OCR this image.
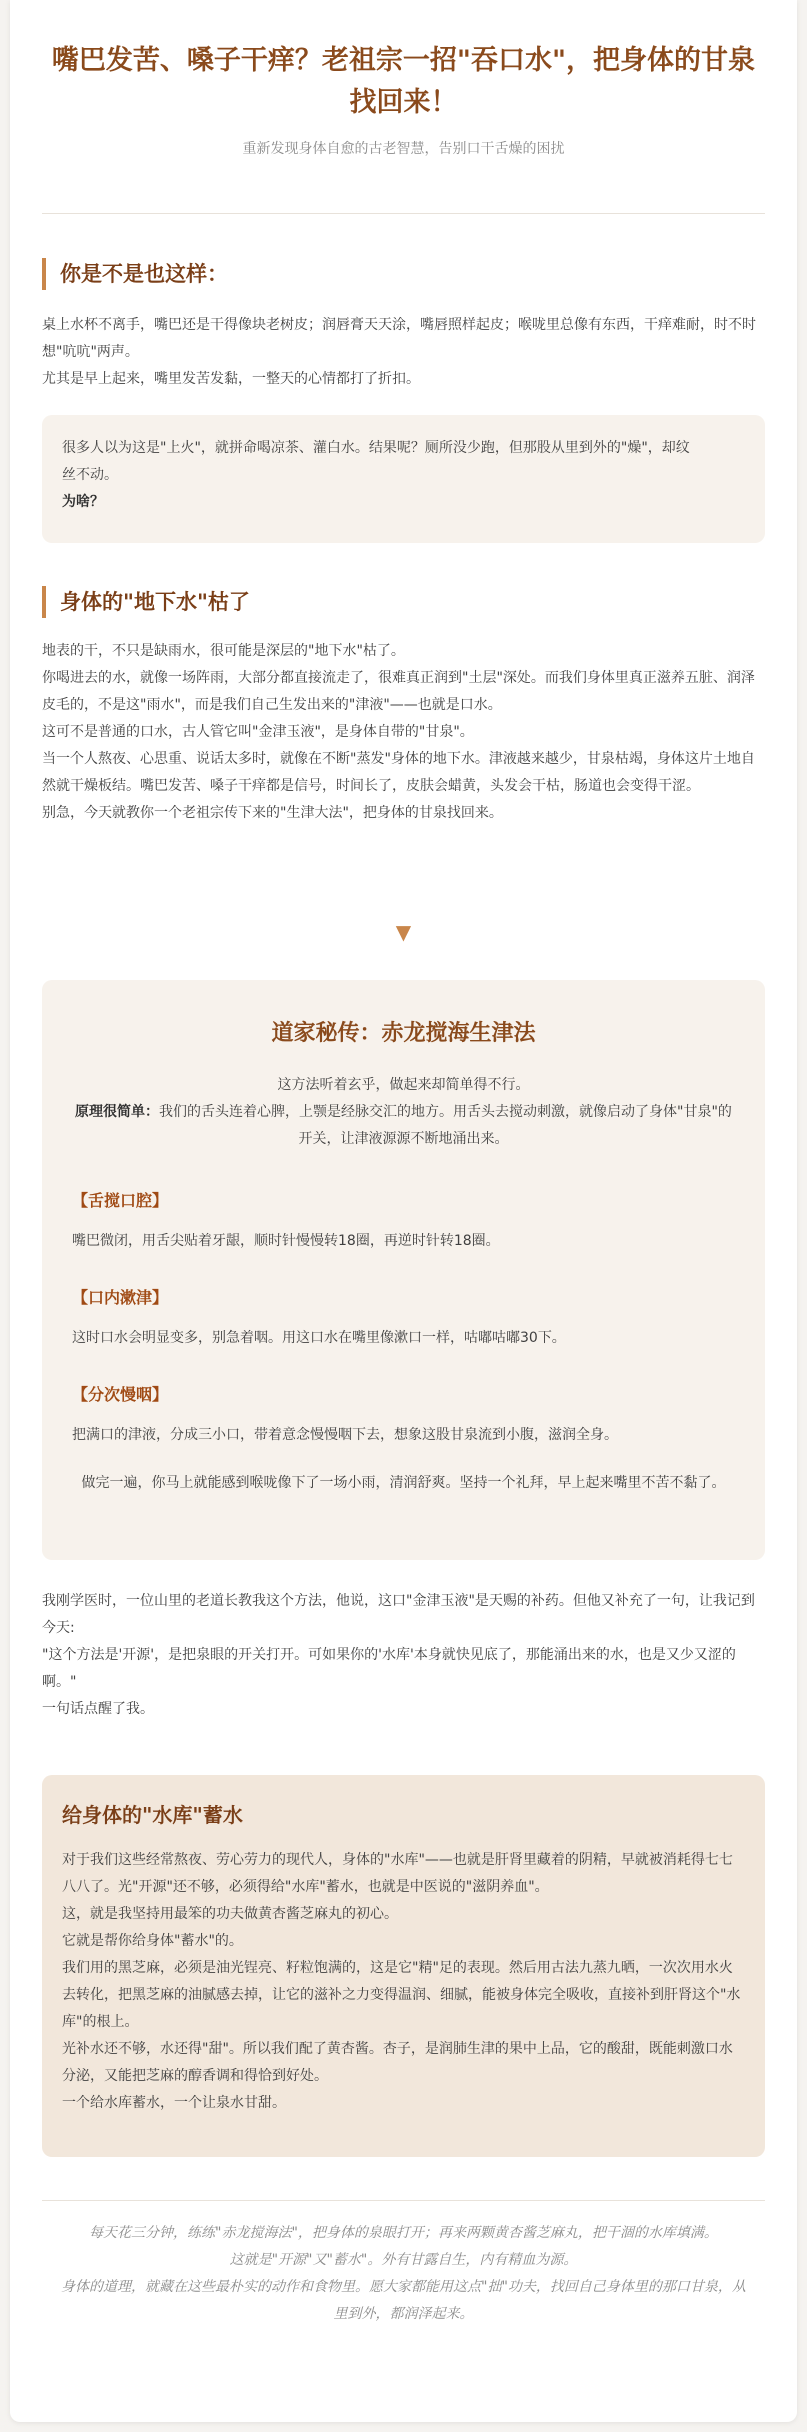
嘴巴发苦、嗓子干痒？老祖宗一招"吞口水"，把身体的甘泉找回来！
重新发现身体自愈的古老智慧，告别口干舌燥的困扰
你是不是也这样：

桌上水杯不离手，嘴巴还是干得像块老树皮；润唇膏天天涂，嘴唇照样起皮；喉咙里总像有东西，干痒难耐，时不时想"吭吭"两声。

尤其是早上起来，嘴里发苦发黏，一整天的心情都打了折扣。

很多人以为这是"上火"，就拼命喝凉茶、灌白水。结果呢？厕所没少跑，但那股从里到外的"燥"，却纹丝不动。
为啥？
身体的"地下水"枯了

地表的干，不只是缺雨水，很可能是深层的"地下水"枯了。

你喝进去的水，就像一场阵雨，大部分都直接流走了，很难真正润到"土层"深处。而我们身体里真正滋养五脏、润泽皮毛的，不是这"雨水"，而是我们自己生发出来的"津液"——也就是口水。

这可不是普通的口水，古人管它叫"金津玉液"，是身体自带的"甘泉"。

当一个人熬夜、心思重、说话太多时，就像在不断"蒸发"身体的地下水。津液越来越少，甘泉枯竭，身体这片土地自然就干燥板结。嘴巴发苦、嗓子干痒都是信号，时间长了，皮肤会蜡黄，头发会干枯，肠道也会变得干涩。

别急，今天就教你一个老祖宗传下来的"生津大法"，把身体的甘泉找回来。

▼
道家秘传：赤龙搅海生津法
这方法听着玄乎，做起来却简单得不行。
原理很简单：我们的舌头连着心脾，上颚是经脉交汇的地方。用舌头去搅动刺激，就像启动了身体"甘泉"的开关，让津液源源不断地涌出来。
【舌搅口腔】
嘴巴微闭，用舌尖贴着牙龈，顺时针慢慢转18圈，再逆时针转18圈。
【口内漱津】
这时口水会明显变多，别急着咽。用这口水在嘴里像漱口一样，咕嘟咕嘟30下。
【分次慢咽】
把满口的津液，分成三小口，带着意念慢慢咽下去，想象这股甘泉流到小腹，滋润全身。
做完一遍，你马上就能感到喉咙像下了一场小雨，清润舒爽。坚持一个礼拜，早上起来嘴里不苦不黏了。

我刚学医时，一位山里的老道长教我这个方法，他说，这口"金津玉液"是天赐的补药。但他又补充了一句，让我记到今天:

"这个方法是'开源'，是把泉眼的开关打开。可如果你的'水库'本身就快见底了，那能涌出来的水，也是又少又涩的啊。"

一句话点醒了我。

给身体的"水库"蓄水

对于我们这些经常熬夜、劳心劳力的现代人，身体的"水库"——也就是肝肾里藏着的阴精，早就被消耗得七七八八了。光"开源"还不够，必须得给"水库"蓄水，也就是中医说的"滋阴养血"。

这，就是我坚持用最笨的功夫做黄杏酱芝麻丸的初心。

它就是帮你给身体"蓄水"的。

我们用的黑芝麻，必须是油光锃亮、籽粒饱满的，这是它"精"足的表现。然后用古法九蒸九晒，一次次用水火去转化，把黑芝麻的油腻感去掉，让它的滋补之力变得温润、细腻，能被身体完全吸收，直接补到肝肾这个"水库"的根上。

光补水还不够，水还得"甜"。所以我们配了黄杏酱。杏子，是润肺生津的果中上品，它的酸甜，既能刺激口水分泌，又能把芝麻的醇香调和得恰到好处。

一个给水库蓄水，一个让泉水甘甜。

每天花三分钟，练练"赤龙搅海法"，把身体的泉眼打开；再来两颗黄杏酱芝麻丸，把干涸的水库填满。

这就是"开源"又"蓄水"。外有甘露自生，内有精血为源。

身体的道理，就藏在这些最朴实的动作和食物里。愿大家都能用这点"拙"功夫，找回自己身体里的那口甘泉，从里到外，都润泽起来。
